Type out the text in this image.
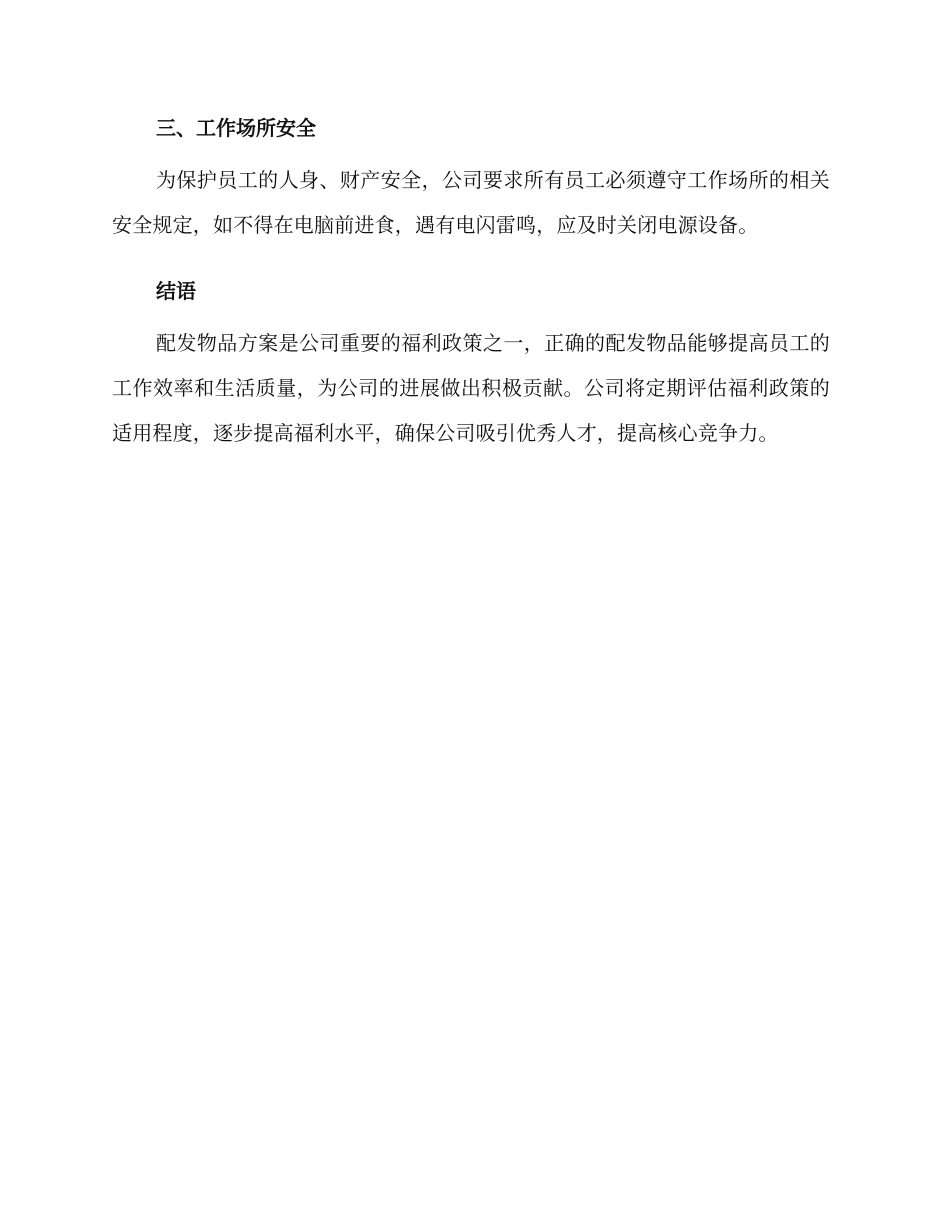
三、工作场所安全

为保护员工的人身、财产安全，公司要求所有员工必须遵守工作场所的相关安全规定，如不得在电脑前进食，遇有电闪雷鸣，应及时关闭电源设备。

结语

配发物品方案是公司重要的福利政策之一，正确的配发物品能够提高员工的工作效率和生活质量，为公司的进展做出积极贡献。公司将定期评估福利政策的适用程度，逐步提高福利水平，确保公司吸引优秀人才，提高核心竞争力。
